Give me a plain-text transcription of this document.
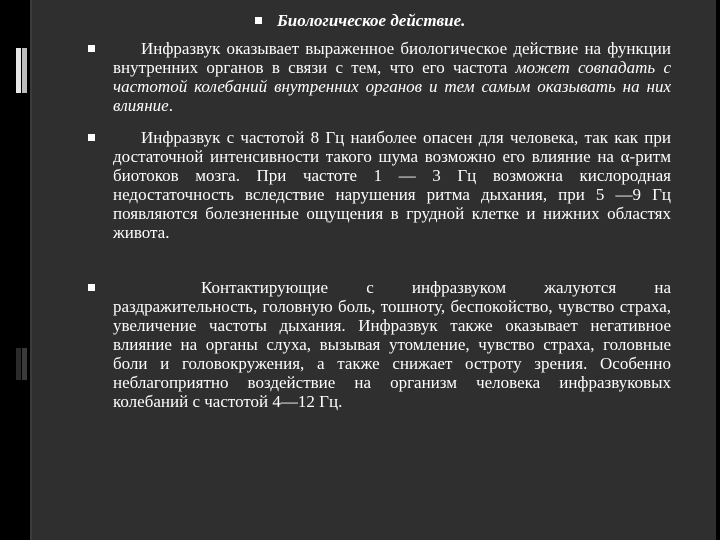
Биологическое действие.
Инфразвук оказывает выраженное биологическое действие на функции внутренних органов в связи с тем, что его частота может совпадать с частотой колебаний внутренних органов и тем самым оказывать на них влияние.
Инфразвук с частотой 8 Гц наиболее опасен для человека, так как при достаточной интенсивности такого шума возможно его влияние на α-ритм биотоков мозга. При частоте 1 — 3 Гц возможна кислородная недостаточность вследствие нарушения ритма дыхания, при 5 —9 Гц появляются болезненные ощущения в грудной клетке и нижних областях живота.
Контактирующие с инфразвуком жалуются на раздражительность, головную боль, тошноту, беспокойство, чувство страха, увеличение частоты дыхания. Инфразвук также оказывает негативное влияние на органы слуха, вызывая утомление, чувство страха, головные боли и головокружения, а также снижает остроту зрения. Особенно неблагоприятно воздействие на организм человека инфразвуковых колебаний с частотой 4—12 Гц.
